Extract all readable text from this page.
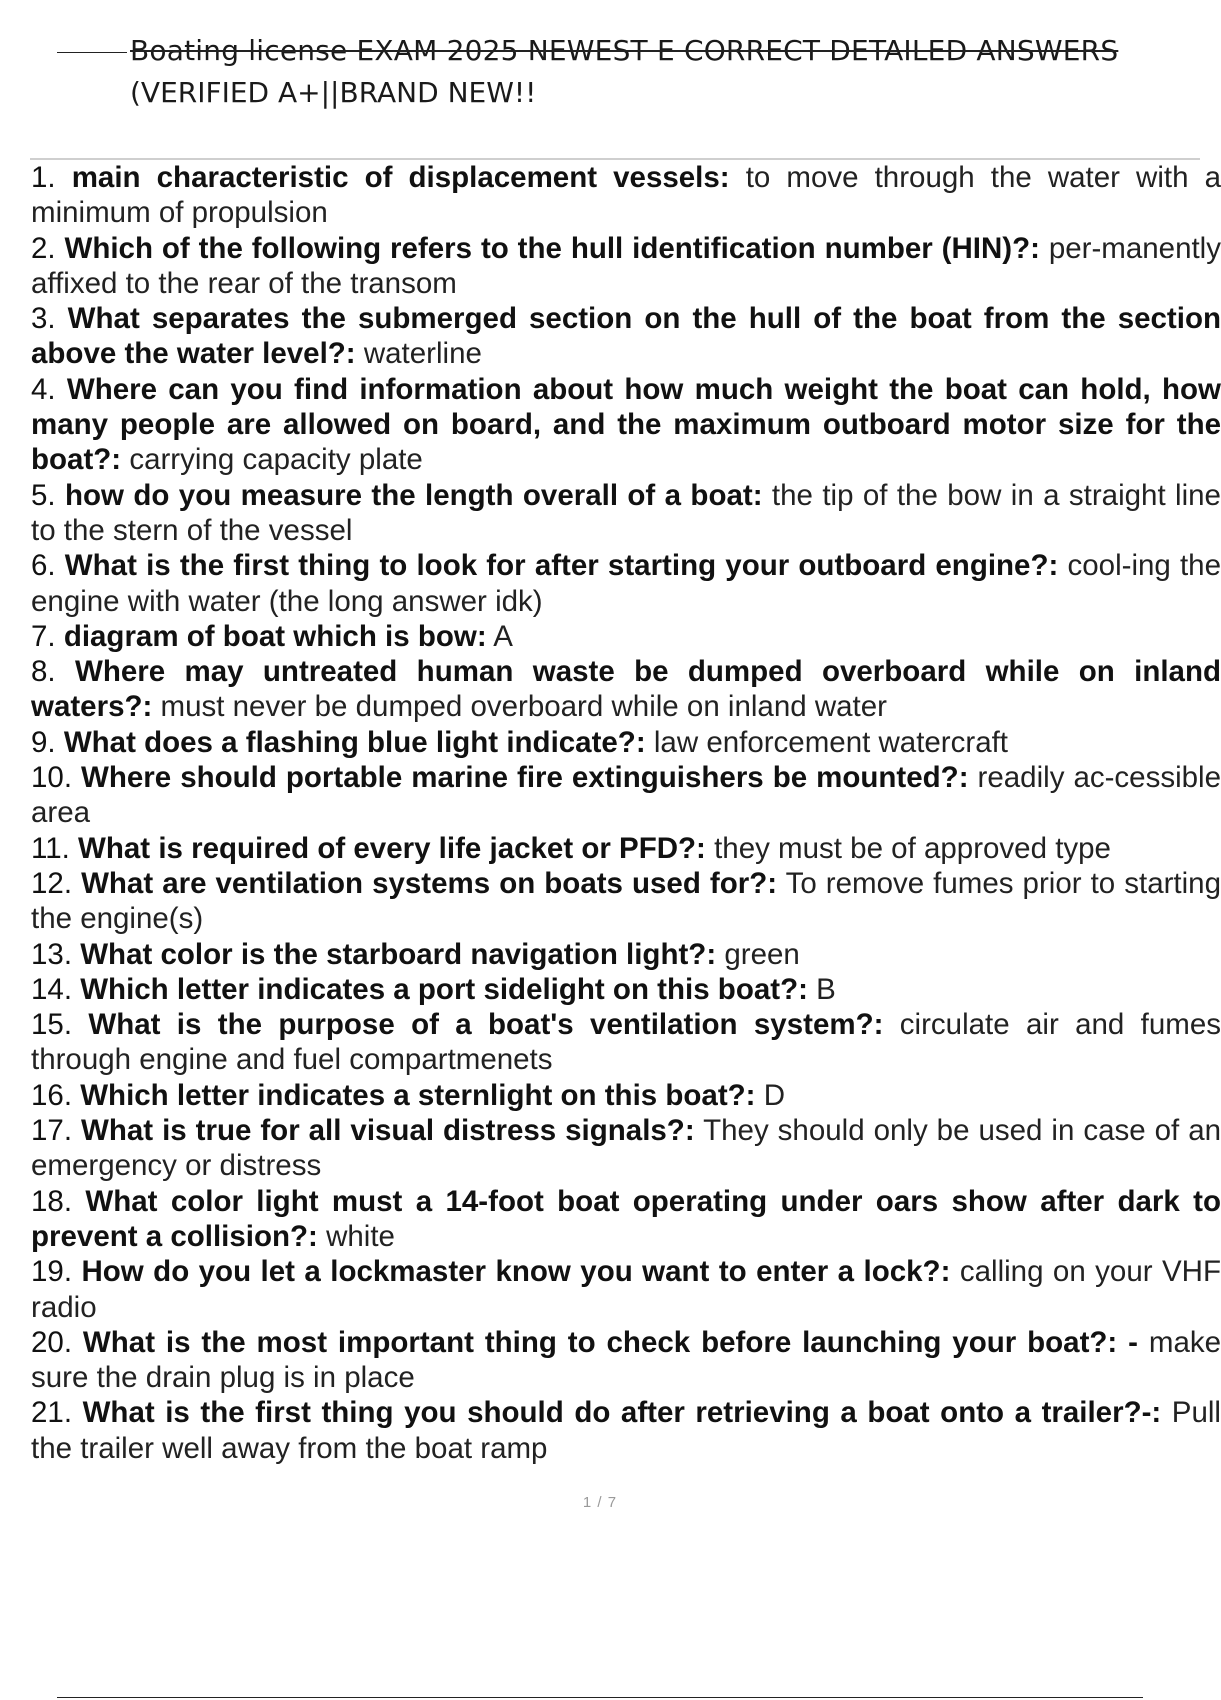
Boating license EXAM 2025 NEWEST E CORRECT DETAILED ANSWERS
(VERIFIED A+||BRAND NEW!!
1. main characteristic of displacement vessels: to move through the water with a minimum of propulsion
2. Which of the following refers to the hull identification number (HIN)?: per-manently affixed to the rear of the transom
3. What separates the submerged section on the hull of the boat from the section above the water level?: waterline
4. Where can you find information about how much weight the boat can hold, how many people are allowed on board, and the maximum outboard motor size for the boat?: carrying capacity plate
5. how do you measure the length overall of a boat: the tip of the bow in a straight line to the stern of the vessel
6. What is the first thing to look for after starting your outboard engine?: cool-ing the engine with water (the long answer idk)
7. diagram of boat which is bow: A
8. Where may untreated human waste be dumped overboard while on inland waters?: must never be dumped overboard while on inland water
9. What does a flashing blue light indicate?: law enforcement watercraft
10. Where should portable marine fire extinguishers be mounted?: readily ac-cessible area
11. What is required of every life jacket or PFD?: they must be of approved type
12. What are ventilation systems on boats used for?: To remove fumes prior to starting the engine(s)
13. What color is the starboard navigation light?: green
14. Which letter indicates a port sidelight on this boat?: B
15. What is the purpose of a boat's ventilation system?: circulate air and fumes through engine and fuel compartmenets
16. Which letter indicates a sternlight on this boat?: D
17. What is true for all visual distress signals?: They should only be used in case of an emergency or distress
18. What color light must a 14-foot boat operating under oars show after dark to prevent a collision?: white
19. How do you let a lockmaster know you want to enter a lock?: calling on your VHF radio
20. What is the most important thing to check before launching your boat?: - make sure the drain plug is in place
21. What is the first thing you should do after retrieving a boat onto a trailer?-: Pull the trailer well away from the boat ramp
1 / 7
